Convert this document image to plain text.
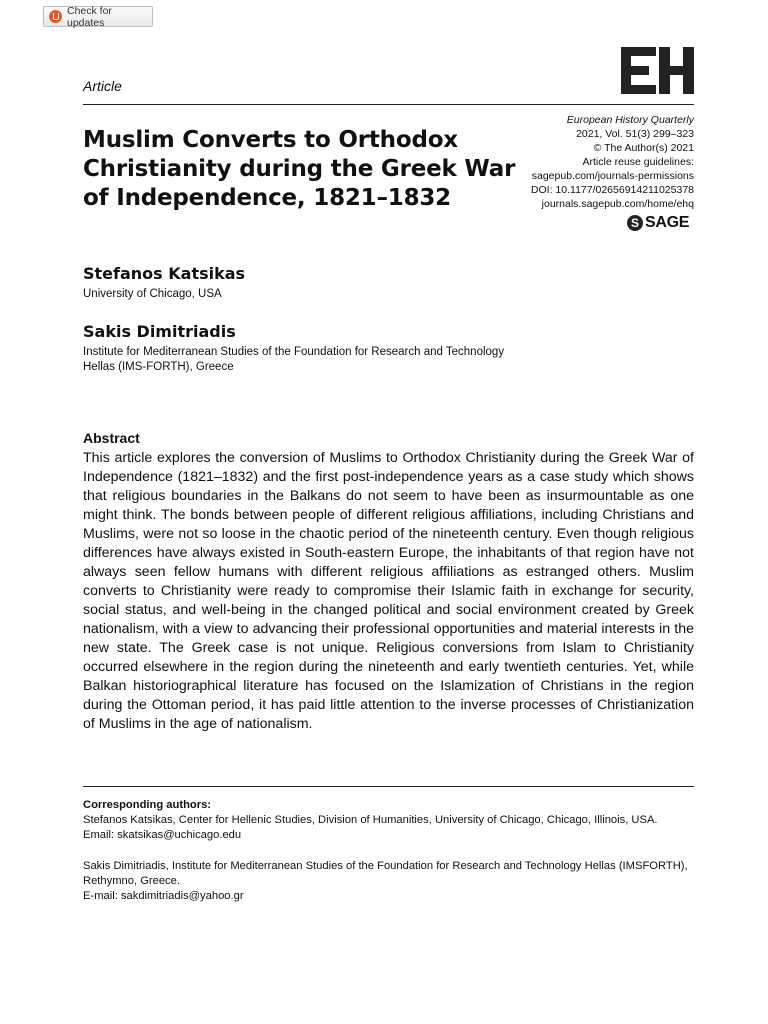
Check for updates
Article
Muslim Converts to Orthodox Christianity during the Greek War of Independence, 1821–1832
European History Quarterly
2021, Vol. 51(3) 299–323
© The Author(s) 2021
Article reuse guidelines:
sagepub.com/journals-permissions
DOI: 10.1177/02656914211025378
journals.sagepub.com/home/ehq
S SAGE
Stefanos Katsikas
University of Chicago, USA
Sakis Dimitriadis
Institute for Mediterranean Studies of the Foundation for Research and Technology Hellas (IMS-FORTH), Greece
Abstract

This article explores the conversion of Muslims to Orthodox Christianity during the Greek War of Independence (1821–1832) and the first post-independence years as a case study which shows that religious boundaries in the Balkans do not seem to have been as insurmountable as one might think. The bonds between people of different religious affiliations, including Christians and Muslims, were not so loose in the chaotic period of the nineteenth century. Even though religious differences have always existed in South-eastern Europe, the inhabitants of that region have not always seen fellow humans with different religious affiliations as estranged others. Muslim converts to Christianity were ready to compromise their Islamic faith in exchange for security, social status, and well-being in the changed political and social environment created by Greek nationalism, with a view to advancing their professional opportunities and material interests in the new state. The Greek case is not unique. Religious conversions from Islam to Christianity occurred elsewhere in the region during the nineteenth and early twentieth centuries. Yet, while Balkan historiographical literature has focused on the Islamization of Christians in the region during the Ottoman period, it has paid little attention to the inverse processes of Christianization of Muslims in the age of nationalism.

Corresponding authors:

Stefanos Katsikas, Center for Hellenic Studies, Division of Humanities, University of Chicago, Chicago, Illinois, USA.

Email: skatsikas@uchicago.edu

Sakis Dimitriadis, Institute for Mediterranean Studies of the Foundation for Research and Technology Hellas (IMSFORTH), Rethymno, Greece.

E-mail: sakdimitriadis@yahoo.gr
